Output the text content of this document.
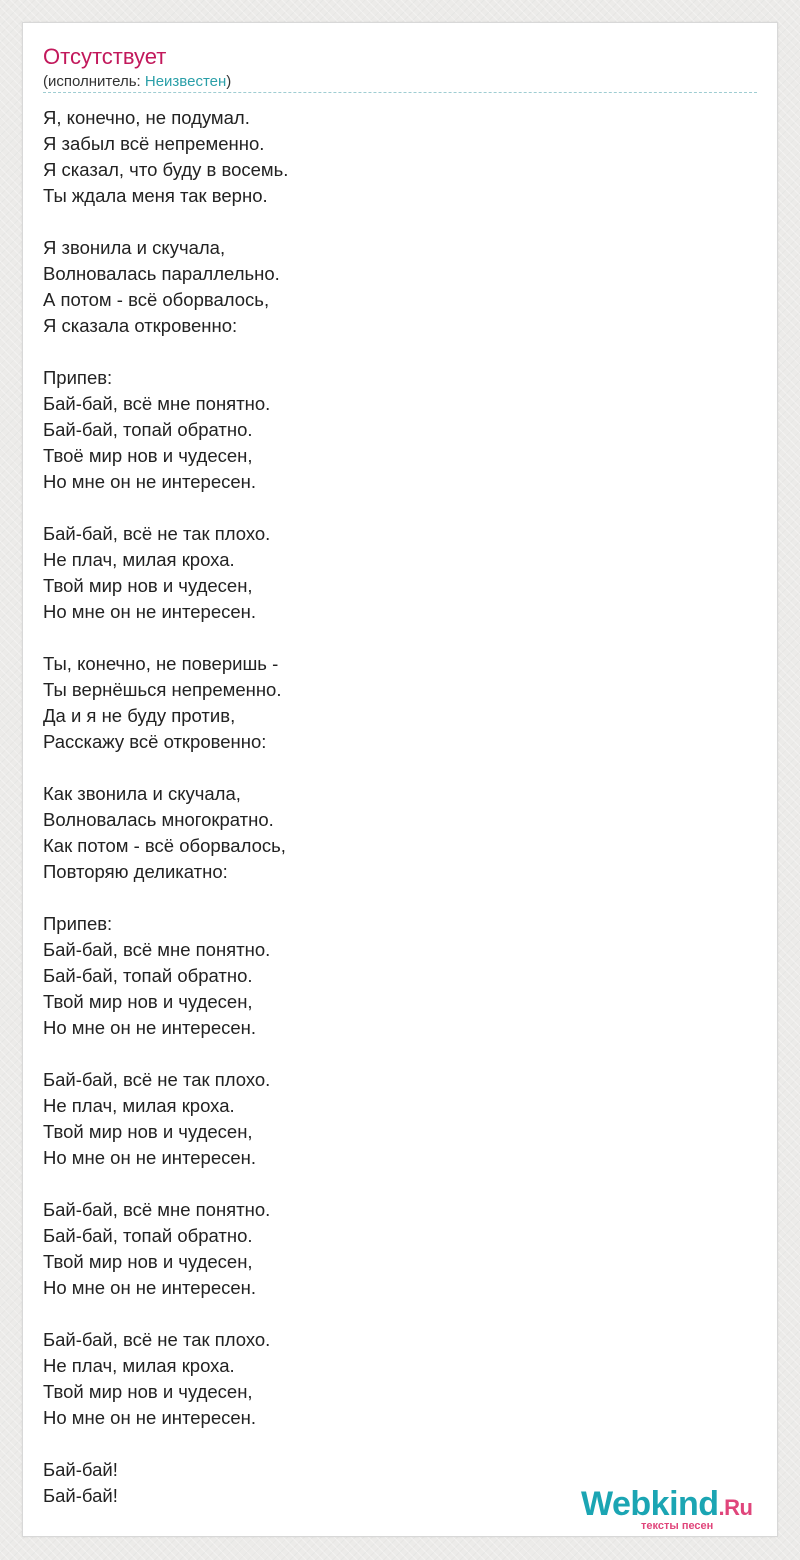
Отсутствует
(исполнитель: Неизвестен)
Я, конечно, не подумал.
Я забыл всё непременно.
Я сказал, что буду в восемь.
Ты ждала меня так верно.
Я звонила и скучала,
Волновалась параллельно.
А потом - всё оборвалось,
Я сказала откровенно:
Припев:
Бай-бай, всё мне понятно.
Бай-бай, топай обратно.
Твоё мир нов и чудесен,
Но мне он не интересен.
Бай-бай, всё не так плохо.
Не плач, милая кроха.
Твой мир нов и чудесен,
Но мне он не интересен.
Ты, конечно, не поверишь -
Ты вернёшься непременно.
Да и я не буду против,
Расскажу всё откровенно:
Как звонила и скучала,
Волновалась многократно.
Как потом - всё оборвалось,
Повторяю деликатно:
Припев:
Бай-бай, всё мне понятно.
Бай-бай, топай обратно.
Твой мир нов и чудесен,
Но мне он не интересен.
Бай-бай, всё не так плохо.
Не плач, милая кроха.
Твой мир нов и чудесен,
Но мне он не интересен.
Бай-бай, всё мне понятно.
Бай-бай, топай обратно.
Твой мир нов и чудесен,
Но мне он не интересен.
Бай-бай, всё не так плохо.
Не плач, милая кроха.
Твой мир нов и чудесен,
Но мне он не интересен.
Бай-бай!
Бай-бай!	Webkind.Ru
тексты песен
